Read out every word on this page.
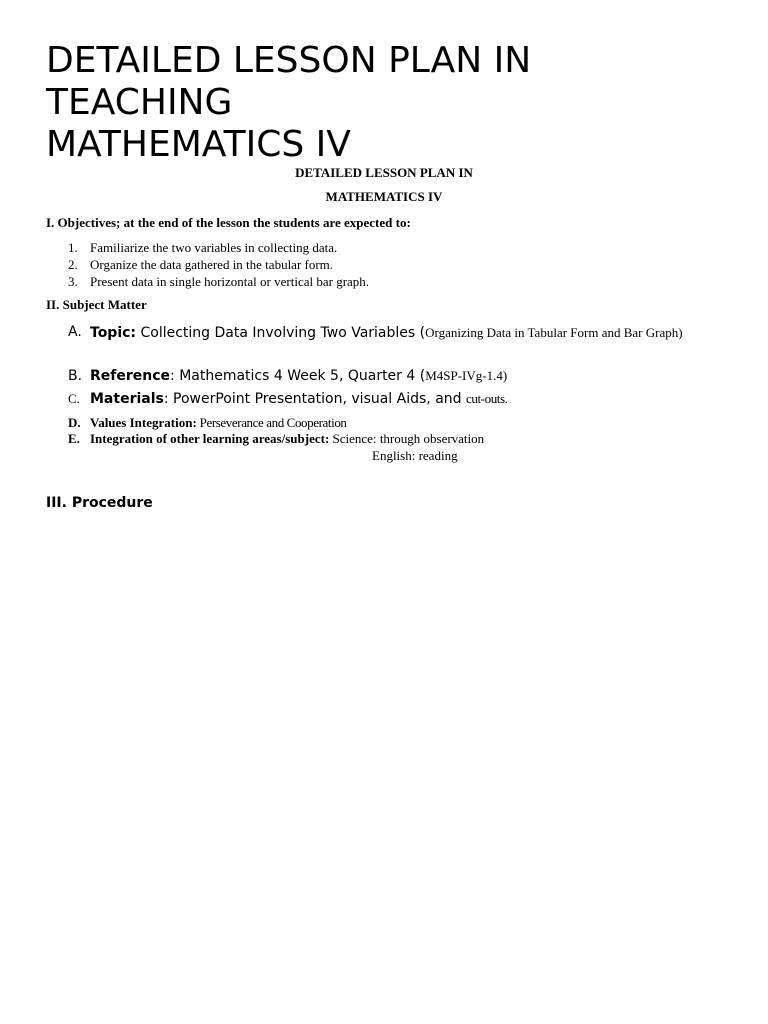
DETAILED LESSON PLAN IN
TEACHING
MATHEMATICS IV

DETAILED LESSON PLAN IN

MATHEMATICS IV

I. Objectives; at the end of the lesson the students are expected to:

1. Familiarize the two variables in collecting data.
2. Organize the data gathered in the tabular form.
3. Present data in single horizontal or vertical bar graph.

II. Subject Matter

A. Topic: Collecting Data Involving Two Variables (Organizing Data in Tabular Form and Bar Graph)
B. Reference: Mathematics 4 Week 5, Quarter 4 (M4SP-IVg-1.4)
C. Materials: PowerPoint Presentation, visual Aids, and cut-outs.
D. Values Integration: Perseverance and Cooperation
E. Integration of other learning areas/subject: Science: through observation
English: reading

III. Procedure
